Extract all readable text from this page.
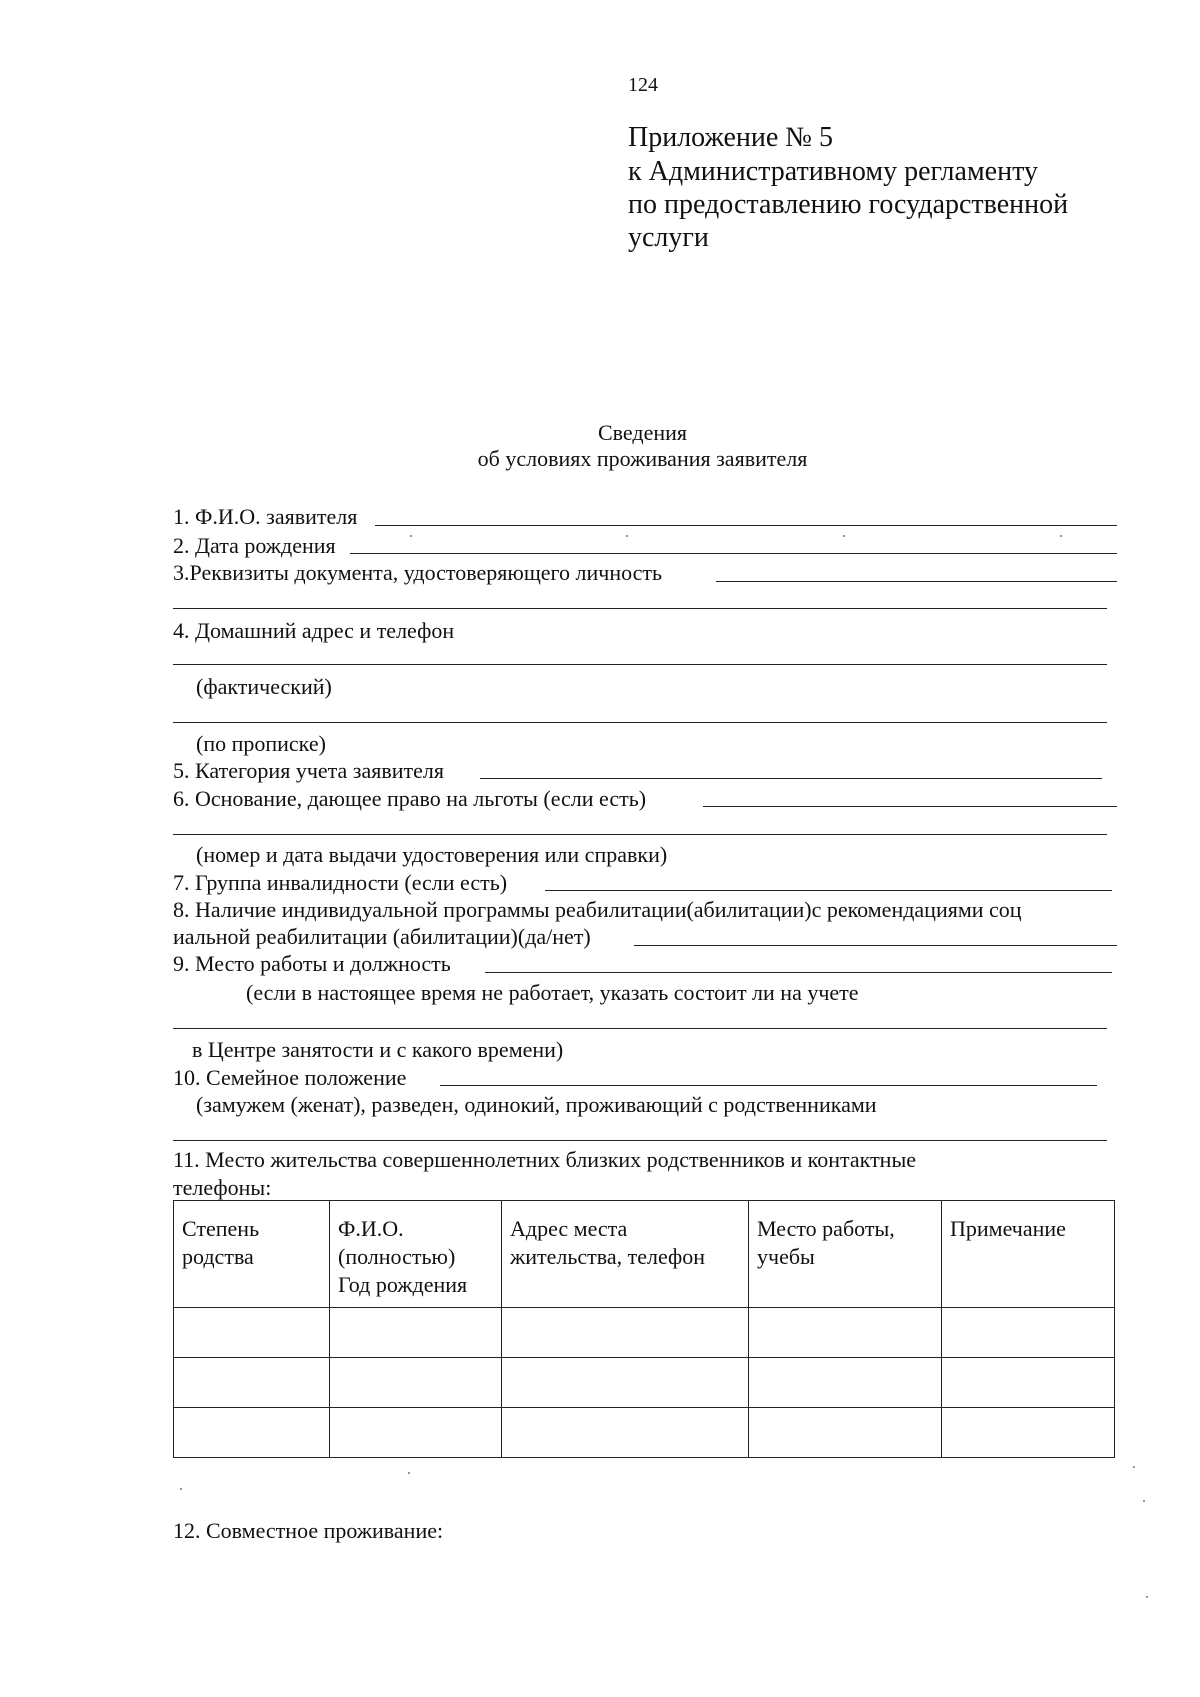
124
Приложение № 5
к Административному регламенту
по предоставлению государственной
услуги
Сведения
об условиях проживания заявителя
1. Ф.И.О. заявителя
2. Дата рождения
3.Реквизиты документа, удостоверяющего личность
4. Домашний адрес и телефон
(фактический)
(по прописке)
5. Категория учета заявителя
6. Основание, дающее право на льготы (если есть)
(номер и дата выдачи удостоверения или справки)
7. Группа инвалидности (если есть)
8. Наличие индивидуальной программы реабилитации(абилитации)с рекомендациями соц
иальной реабилитации (абилитации)(да/нет)
9. Место работы и должность
(если в настоящее время не работает, указать состоит ли на учете
в Центре занятости и с какого времени)
10. Семейное положение
(замужем (женат), разведен, одинокий, проживающий с родственниками
11. Место жительства совершеннолетних близких родственников и контактные
телефоны:
Степень родства	Ф.И.О. (полностью) Год рождения	Адрес места жительства, телефон	Место работы, учебы	Примечание

12. Совместное проживание:
